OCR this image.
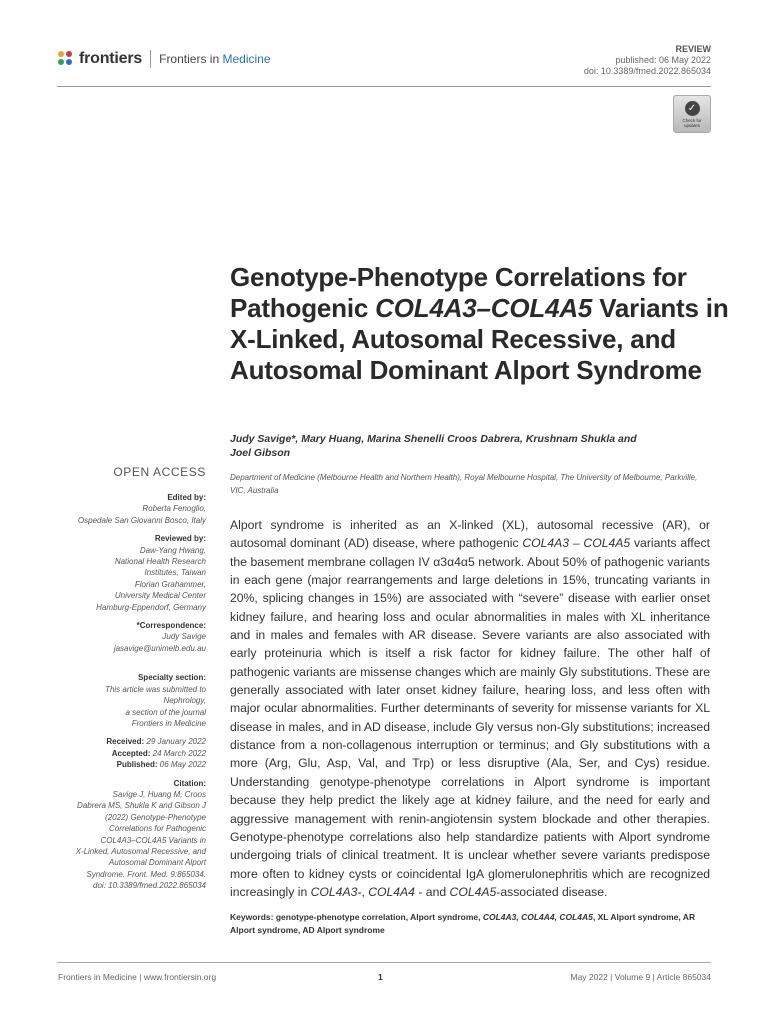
frontiers Frontiers in Medicine
REVIEW
published: 06 May 2022
doi: 10.3389/fmed.2022.865034
✓
Check for updates
Genotype-Phenotype Correlations for Pathogenic COL4A3–COL4A5 Variants in X-Linked, Autosomal Recessive, and Autosomal Dominant Alport Syndrome
Judy Savige*, Mary Huang, Marina Shenelli Croos Dabrera, Krushnam Shukla and
Joel Gibson
Department of Medicine (Melbourne Health and Northern Health), Royal Melbourne Hospital, The University of Melbourne, Parkville, VIC, Australia

Alport syndrome is inherited as an X-linked (XL), autosomal recessive (AR), or autosomal dominant (AD) disease, where pathogenic COL4A3 – COL4A5 variants affect the basement membrane collagen IV α3α4α5 network. About 50% of pathogenic variants in each gene (major rearrangements and large deletions in 15%, truncating variants in 20%, splicing changes in 15%) are associated with “severe” disease with earlier onset kidney failure, and hearing loss and ocular abnormalities in males with XL inheritance and in males and females with AR disease. Severe variants are also associated with early proteinuria which is itself a risk factor for kidney failure. The other half of pathogenic variants are missense changes which are mainly Gly substitutions. These are generally associated with later onset kidney failure, hearing loss, and less often with major ocular abnormalities. Further determinants of severity for missense variants for XL disease in males, and in AD disease, include Gly versus non-Gly substitutions; increased distance from a non-collagenous interruption or terminus; and Gly substitutions with a more (Arg, Glu, Asp, Val, and Trp) or less disruptive (Ala, Ser, and Cys) residue. Understanding genotype-phenotype correlations in Alport syndrome is important because they help predict the likely age at kidney failure, and the need for early and aggressive management with renin-angiotensin system blockade and other therapies. Genotype-phenotype correlations also help standardize patients with Alport syndrome undergoing trials of clinical treatment. It is unclear whether severe variants predispose more often to kidney cysts or coincidental IgA glomerulonephritis which are recognized increasingly in COL4A3-, COL4A4 - and COL4A5-associated disease.

Keywords: genotype-phenotype correlation, Alport syndrome, COL4A3, COL4A4, COL4A5, XL Alport syndrome, AR Alport syndrome, AD Alport syndrome
OPEN ACCESS
Edited by:
Roberta Fenoglio,
Ospedale San Giovanni Bosco, Italy
Reviewed by:
Daw-Yang Hwang,
National Health Research
Institutes, Taiwan
Florian Grahammer,
University Medical Center
Hamburg-Eppendorf, Germany
*Correspondence:
Judy Savige
jasavige@unimelb.edu.au
Specialty section:
This article was submitted to
Nephrology,
a section of the journal
Frontiers in Medicine
Received: 29 January 2022
Accepted: 24 March 2022
Published: 06 May 2022
Citation:
Savige J, Huang M, Croos
Dabrera MS, Shukla K and Gibson J
(2022) Genotype-Phenotype
Correlations for Pathogenic
COL4A3–COL4A5 Variants in
X-Linked, Autosomal Recessive, and
Autosomal Dominant Alport
Syndrome. Front. Med. 9:865034.
doi: 10.3389/fmed.2022.865034
Frontiers in Medicine | www.frontiersin.org	1	May 2022 | Volume 9 | Article 865034
